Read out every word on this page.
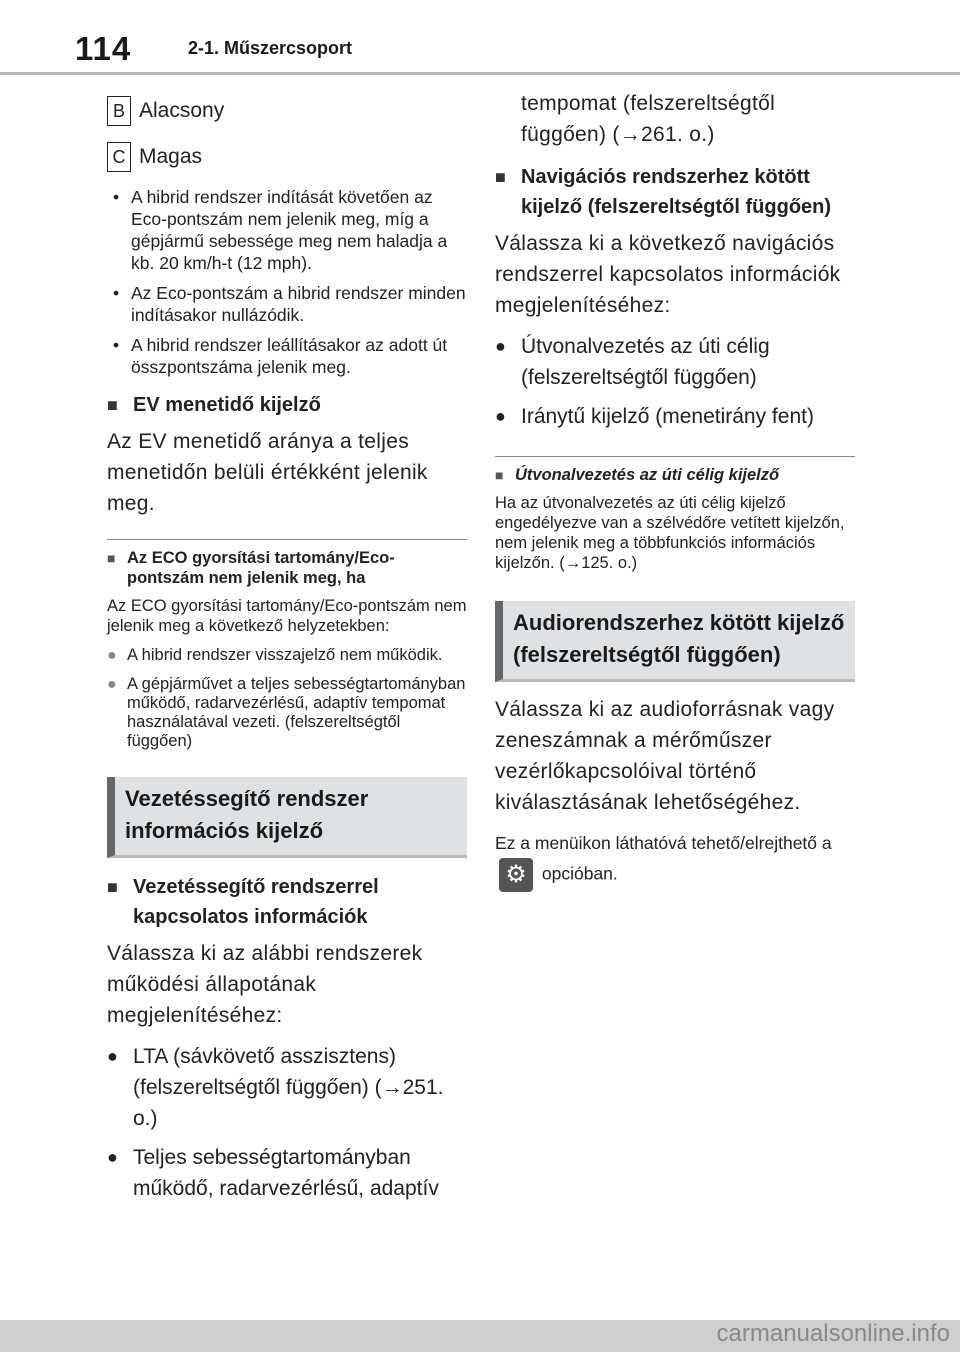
114	2-1. Műszercsoport
B Alacsony
C Magas
• A hibrid rendszer indítását követően az Eco-pontszám nem jelenik meg, míg a gépjármű sebessége meg nem haladja a kb. 20 km/h-t (12 mph).
• Az Eco-pontszám a hibrid rendszer minden indításakor nullázódik.
• A hibrid rendszer leállításakor az adott út összpontszáma jelenik meg.
■ EV menetidő kijelző
Az EV menetidő aránya a teljes menetidőn belüli értékként jelenik meg.
■ Az ECO gyorsítási tartomány/Eco-pontszám nem jelenik meg, ha
Az ECO gyorsítási tartomány/Eco-pontszám nem jelenik meg a következő helyzetekben:
● A hibrid rendszer visszajelző nem működik.
● A gépjárművet a teljes sebességtartományban működő, radarvezérlésű, adaptív tempomat használatával vezeti. (felszereltségtől függően)
Vezetéssegítő rendszer információs kijelző
■ Vezetéssegítő rendszerrel kapcsolatos információk
Válassza ki az alábbi rendszerek működési állapotának megjelenítéséhez:
● LTA (sávkövető asszisztens) (felszereltségtől függően) (→251. o.)
● Teljes sebességtartományban működő, radarvezérlésű, adaptív
tempomat (felszereltségtől függően) (→261. o.)
■ Navigációs rendszerhez kötött kijelző (felszereltségtől függően)
Válassza ki a következő navigációs rendszerrel kapcsolatos információk megjelenítéséhez:
● Útvonalvezetés az úti célig (felszereltségtől függően)
● Iránytű kijelző (menetirány fent)
■ Útvonalvezetés az úti célig kijelző
Ha az útvonalvezetés az úti célig kijelző engedélyezve van a szélvédőre vetített kijelzőn, nem jelenik meg a többfunkciós információs kijelzőn. (→125. o.)
Audiorendszerhez kötött kijelző (felszereltségtől függően)
Válassza ki az audioforrásnak vagy zeneszámnak a mérőműszer vezérlőkapcsolóival történő kiválasztásának lehetőségéhez.
Ez a menüikon láthatóvá tehető/elrejthető a ⚙ opcióban.
carmanualsonline.info
